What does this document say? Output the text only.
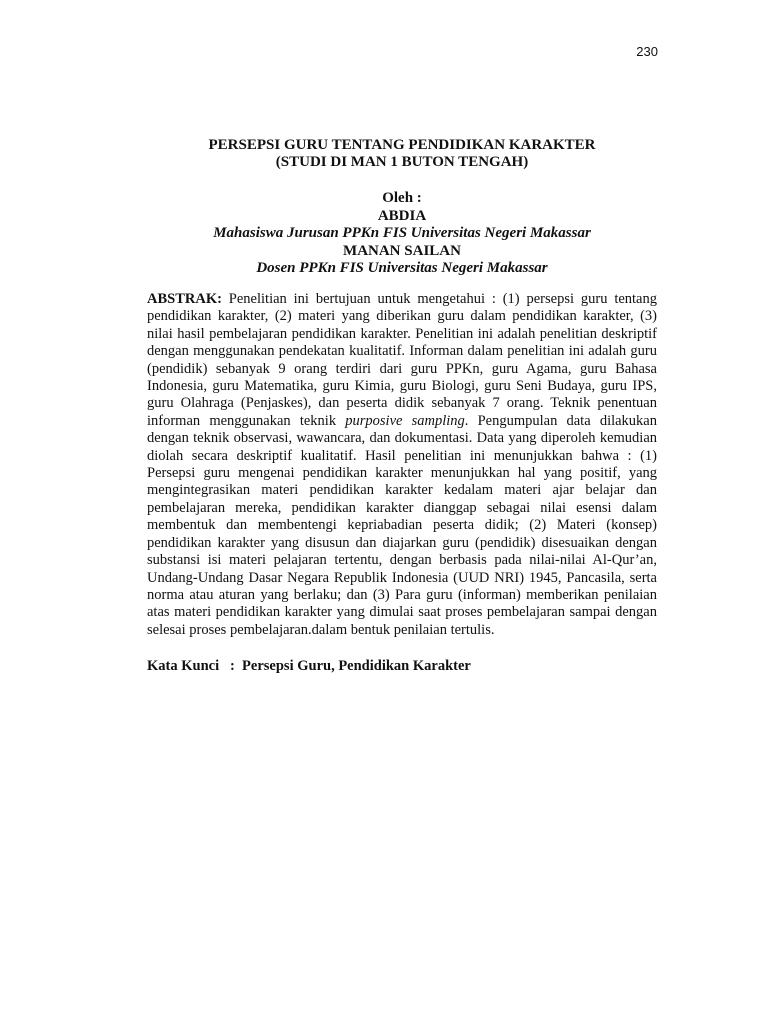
230
PERSEPSI GURU TENTANG PENDIDIKAN KARAKTER
(STUDI DI MAN 1 BUTON TENGAH)
Oleh :
ABDIA
Mahasiswa Jurusan PPKn FIS Universitas Negeri Makassar
MANAN SAILAN
Dosen PPKn FIS Universitas Negeri Makassar

ABSTRAK: Penelitian ini bertujuan untuk mengetahui : (1) persepsi guru tentang pendidikan karakter, (2) materi yang diberikan guru dalam pendidikan karakter, (3) nilai hasil pembelajaran pendidikan karakter. Penelitian ini adalah penelitian deskriptif dengan menggunakan pendekatan kualitatif. Informan dalam penelitian ini adalah guru (pendidik) sebanyak 9 orang terdiri dari guru PPKn, guru Agama, guru Bahasa Indonesia, guru Matematika, guru Kimia, guru Biologi, guru Seni Budaya, guru IPS, guru Olahraga (Penjaskes), dan peserta didik sebanyak 7 orang. Teknik penentuan informan menggunakan teknik purposive sampling. Pengumpulan data dilakukan dengan teknik observasi, wawancara, dan dokumentasi. Data yang diperoleh kemudian diolah secara deskriptif kualitatif. Hasil penelitian ini menunjukkan bahwa : (1) Persepsi guru mengenai pendidikan karakter menunjukkan hal yang positif, yang mengintegrasikan materi pendidikan karakter kedalam materi ajar belajar dan pembelajaran mereka, pendidikan karakter dianggap sebagai nilai esensi dalam membentuk dan membentengi kepriabadian peserta didik; (2) Materi (konsep) pendidikan karakter yang disusun dan diajarkan guru (pendidik) disesuaikan dengan substansi isi materi pelajaran tertentu, dengan berbasis pada nilai-nilai Al-Qur’an, Undang-Undang Dasar Negara Republik Indonesia (UUD NRI) 1945, Pancasila, serta norma atau aturan yang berlaku; dan (3) Para guru (informan) memberikan penilaian atas materi pendidikan karakter yang dimulai saat proses pembelajaran sampai dengan selesai proses pembelajaran.dalam bentuk penilaian tertulis.

Kata Kunci   :  Persepsi Guru, Pendidikan Karakter
